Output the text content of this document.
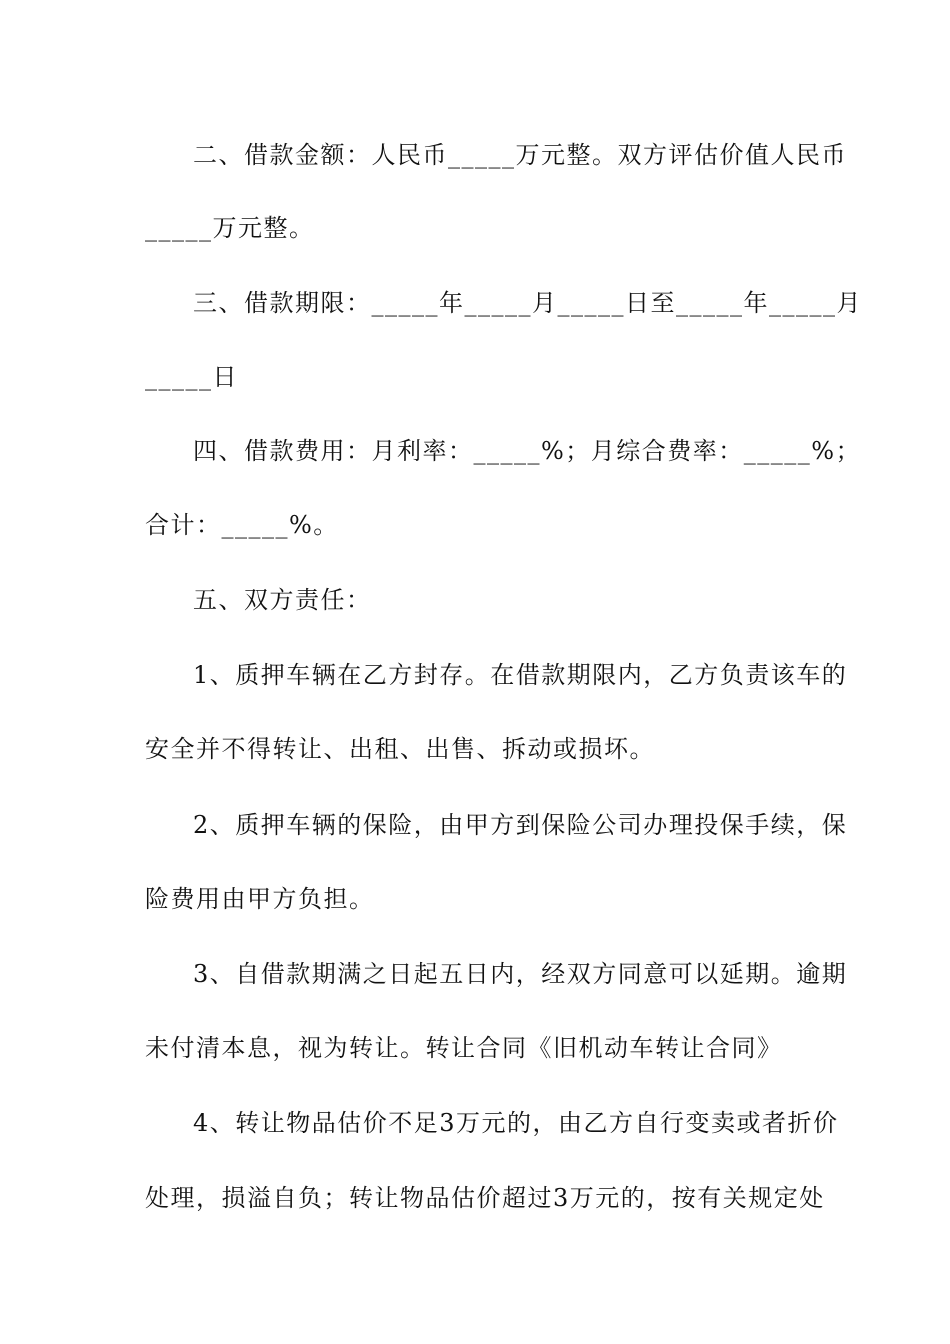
二、借款金额：人民币_____万元整。双方评估价值人民币
_____万元整。
三、借款期限：_____年_____月_____日至_____年_____月
_____日
四、借款费用：月利率：_____%；月综合费率：_____%；
合计：_____%。
五、双方责任：
1、质押车辆在乙方封存。在借款期限内，乙方负责该车的
安全并不得转让、出租、出售、拆动或损坏。
2、质押车辆的保险，由甲方到保险公司办理投保手续，保
险费用由甲方负担。
3、自借款期满之日起五日内，经双方同意可以延期。逾期
未付清本息，视为转让。转让合同《旧机动车转让合同》
4、转让物品估价不足3万元的，由乙方自行变卖或者折价
处理，损溢自负；转让物品估价超过3万元的，按有关规定处
